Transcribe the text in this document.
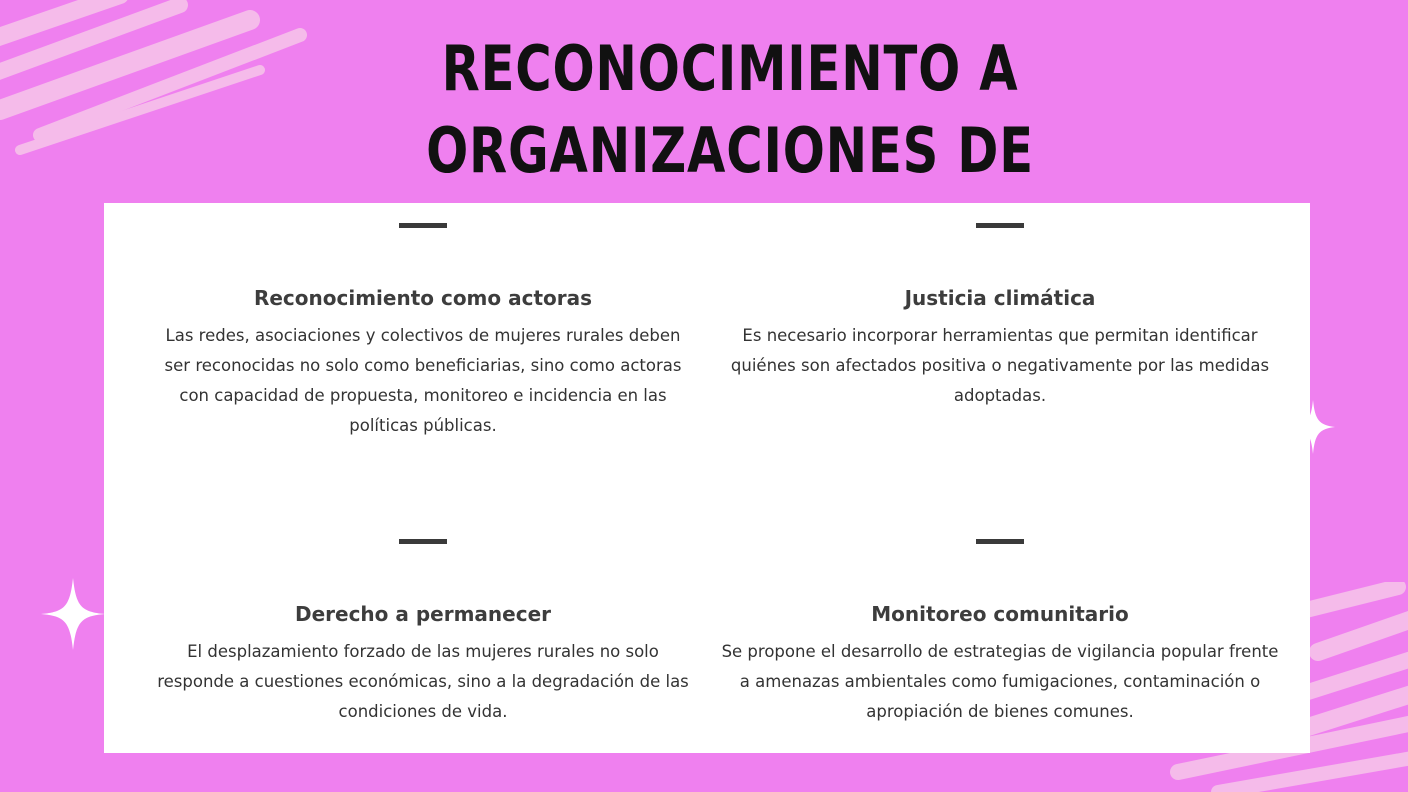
RECONOCIMIENTO A
ORGANIZACIONES DE
Reconocimiento como actoras

Las redes, asociaciones y colectivos de mujeres rurales deben ser reconocidas no solo como beneficiarias, sino como actoras con capacidad de propuesta, monitoreo e incidencia en las políticas públicas.

Justicia climática

Es necesario incorporar herramientas que permitan identificar quiénes son afectados positiva o negativamente por las medidas adoptadas.

Derecho a permanecer

El desplazamiento forzado de las mujeres rurales no solo responde a cuestiones económicas, sino a la degradación de las condiciones de vida.

Monitoreo comunitario

Se propone el desarrollo de estrategias de vigilancia popular frente a amenazas ambientales como fumigaciones, contaminación o apropiación de bienes comunes.
